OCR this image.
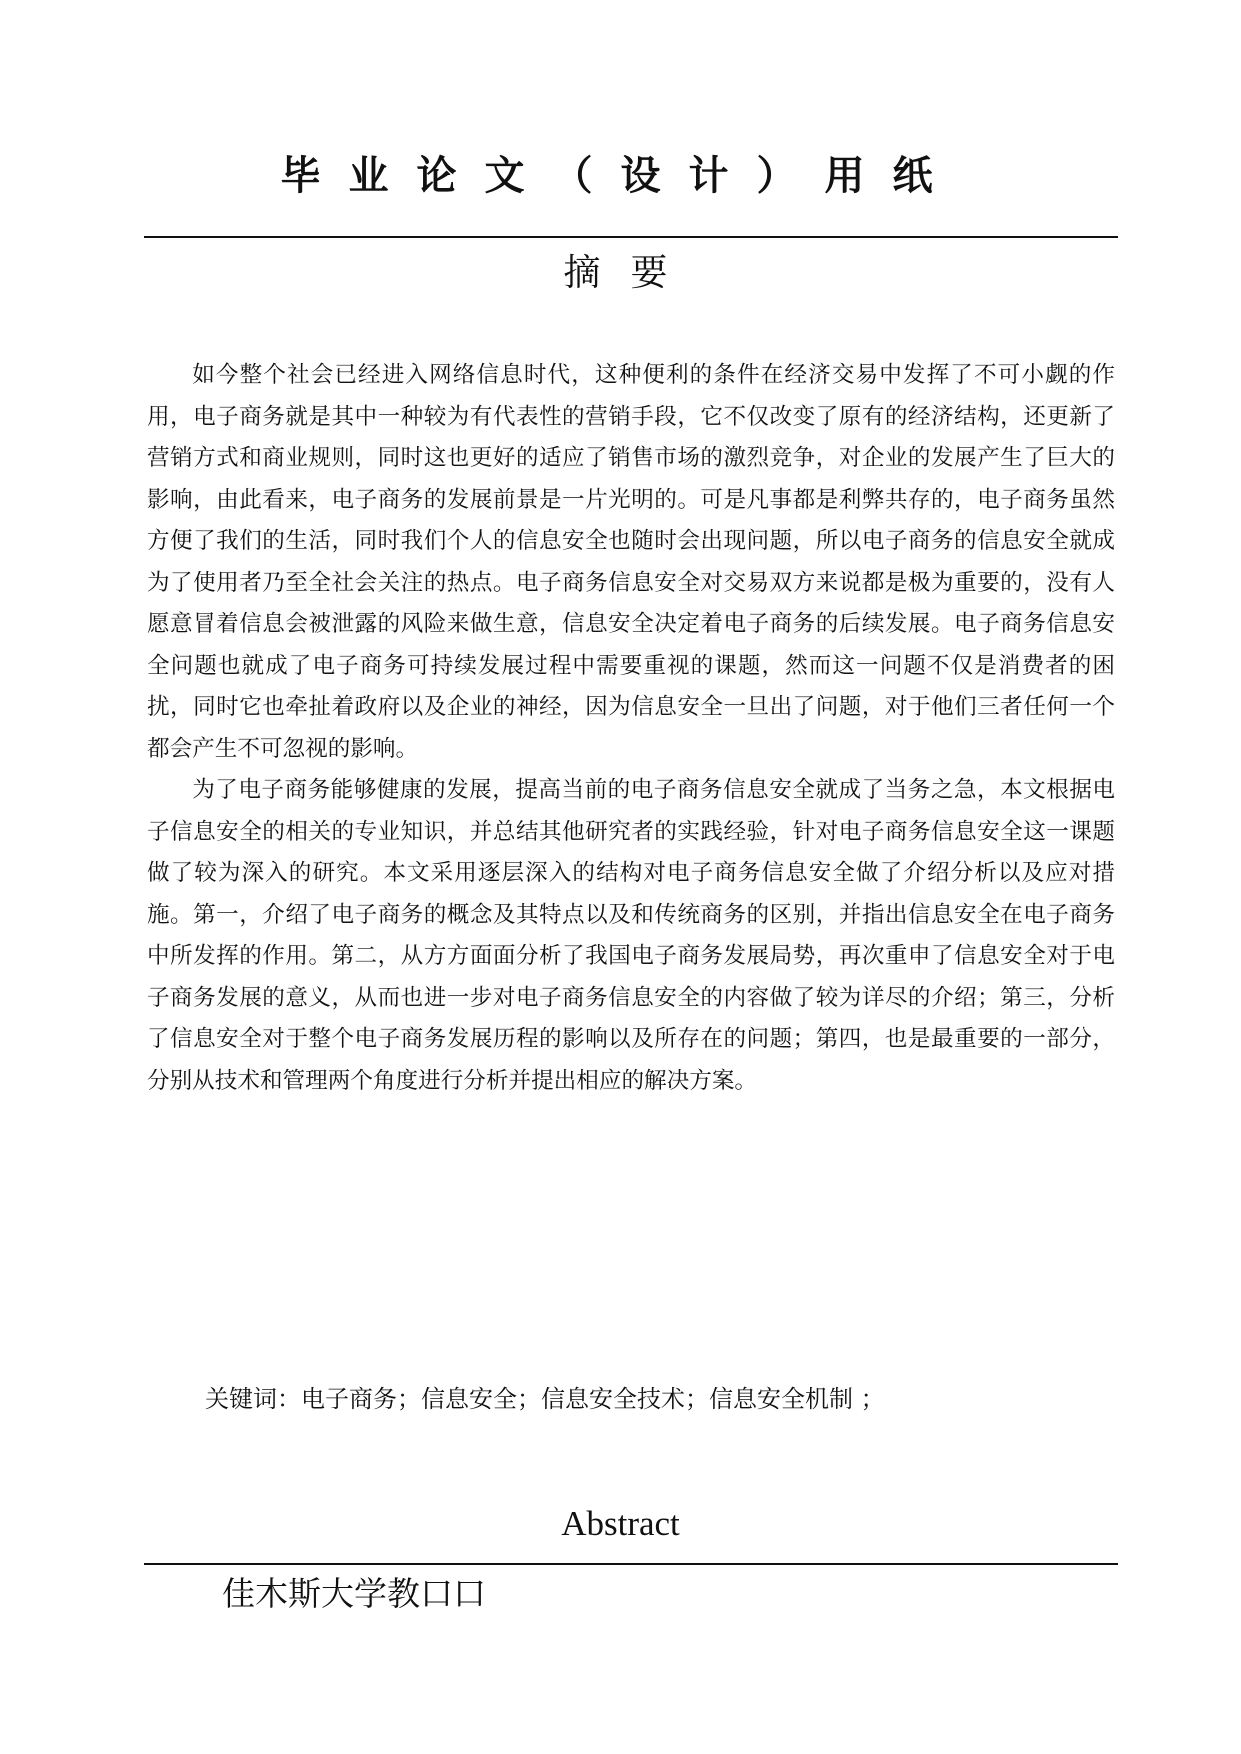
毕业论文（设计）用纸
摘要

如今整个社会已经进入网络信息时代，这种便利的条件在经济交易中发挥了不可小觑的作用，电子商务就是其中一种较为有代表性的营销手段，它不仅改变了原有的经济结构，还更新了营销方式和商业规则，同时这也更好的适应了销售市场的激烈竞争，对企业的发展产生了巨大的影响，由此看来，电子商务的发展前景是一片光明的。可是凡事都是利弊共存的，电子商务虽然方便了我们的生活，同时我们个人的信息安全也随时会出现问题，所以电子商务的信息安全就成为了使用者乃至全社会关注的热点。电子商务信息安全对交易双方来说都是极为重要的，没有人愿意冒着信息会被泄露的风险来做生意，信息安全决定着电子商务的后续发展。电子商务信息安全问题也就成了电子商务可持续发展过程中需要重视的课题，然而这一问题不仅是消费者的困扰，同时它也牵扯着政府以及企业的神经，因为信息安全一旦出了问题，对于他们三者任何一个都会产生不可忽视的影响。

为了电子商务能够健康的发展，提高当前的电子商务信息安全就成了当务之急，本文根据电子信息安全的相关的专业知识，并总结其他研究者的实践经验，针对电子商务信息安全这一课题做了较为深入的研究。本文采用逐层深入的结构对电子商务信息安全做了介绍分析以及应对措施。第一，介绍了电子商务的概念及其特点以及和传统商务的区别，并指出信息安全在电子商务中所发挥的作用。第二，从方方面面分析了我国电子商务发展局势，再次重申了信息安全对于电子商务发展的意义，从而也进一步对电子商务信息安全的内容做了较为详尽的介绍；第三，分析了信息安全对于整个电子商务发展历程的影响以及所存在的问题；第四，也是最重要的一部分，分别从技术和管理两个角度进行分析并提出相应的解决方案。

关键词：电子商务；信息安全；信息安全技术；信息安全机制 ；
Abstract
佳木斯大学教口口
